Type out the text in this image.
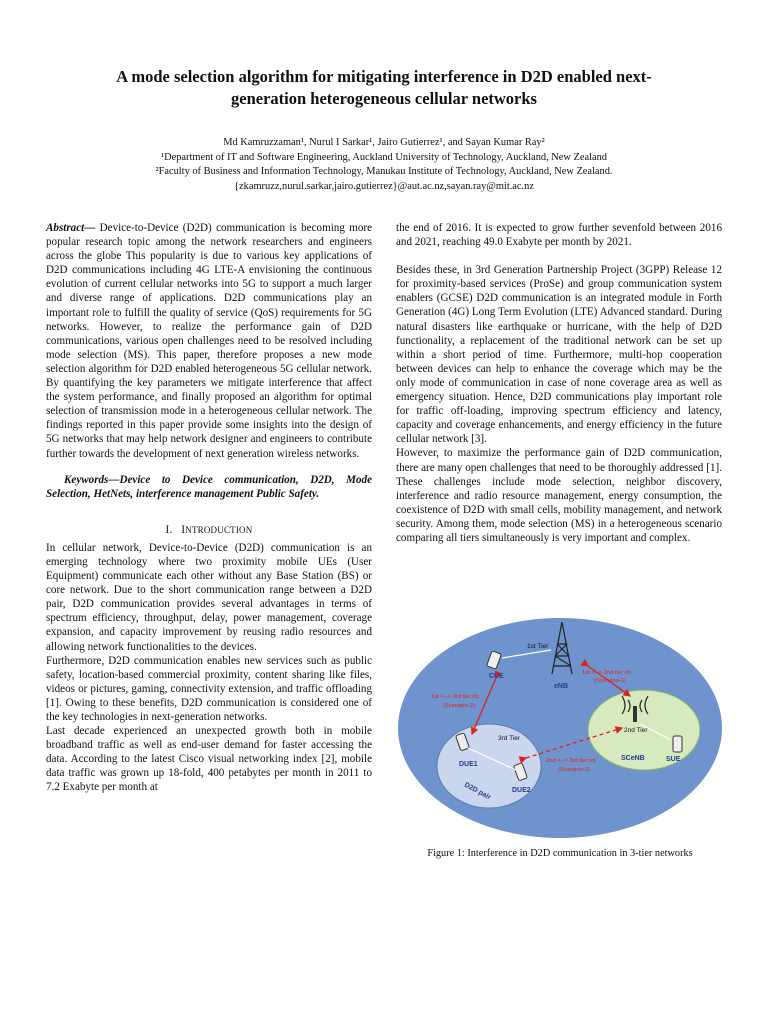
A mode selection algorithm for mitigating interference in D2D enabled next-
generation heterogeneous cellular networks
Md Kamruzzaman¹, Nurul I Sarkar¹, Jairo Gutierrez¹, and Sayan Kumar Ray²
¹Department of IT and Software Engineering, Auckland University of Technology, Auckland, New Zealand
²Faculty of Business and Information Technology, Manukau Institute of Technology, Auckland, New Zealand.
{zkamruzz,nurul.sarkar,jairo.gutierrez}@aut.ac.nz,sayan.ray@mit.ac.nz

Abstract— Device-to-Device (D2D) communication is becoming more popular research topic among the network researchers and engineers across the globe This popularity is due to various key applications of D2D communications including 4G LTE-A envisioning the continuous evolution of current cellular networks into 5G to support a much larger and diverse range of applications. D2D communications play an important role to fulfill the quality of service (QoS) requirements for 5G networks. However, to realize the performance gain of D2D communications, various open challenges need to be resolved including mode selection (MS). This paper, therefore proposes a new mode selection algorithm for D2D enabled heterogeneous 5G cellular network. By quantifying the key parameters we mitigate interference that affect the system performance, and finally proposed an algorithm for optimal selection of transmission mode in a heterogeneous cellular network. The findings reported in this paper provide some insights into the design of 5G networks that may help network designer and engineers to contribute further towards the development of next generation wireless networks.

Keywords—Device to Device communication, D2D, Mode Selection, HetNets, interference management Public Safety.

I. INTRODUCTION

In cellular network, Device-to-Device (D2D) communication is an emerging technology where two proximity mobile UEs (User Equipment) communicate each other without any Base Station (BS) or core network. Due to the short communication range between a D2D pair, D2D communication provides several advantages in terms of spectrum efficiency, throughput, delay, power management, coverage expansion, and capacity improvement by reusing radio resources and allowing network functionalities to the devices.

Furthermore, D2D communication enables new services such as public safety, location-based commercial proximity, content sharing like files, videos or pictures, gaming, connectivity extension, and traffic offloading [1]. Owing to these benefits, D2D communication is considered one of the key technologies in next-generation networks.

Last decade experienced an unexpected growth both in mobile broadband traffic as well as end-user demand for faster accessing the data. According to the latest Cisco visual networking index [2], mobile data traffic was grown up 18-fold, 400 petabytes per month in 2011 to 7.2 Exabyte per month at

the end of 2016. It is expected to grow further sevenfold between 2016 and 2021, reaching 49.0 Exabyte per month by 2021.

Besides these, in 3rd Generation Partnership Project (3GPP) Release 12 for proximity-based services (ProSe) and group communication system enablers (GCSE) D2D communication is an integrated module in Forth Generation (4G) Long Term Evolution (LTE) Advanced standard. During natural disasters like earthquake or hurricane, with the help of D2D functionality, a replacement of the traditional network can be set up within a short period of time. Furthermore, multi-hop cooperation between devices can help to enhance the coverage which may be the only mode of communication in case of none coverage area as well as emergency situation. Hence, D2D communications play important role for traffic off-loading, improving spectrum efficiency and latency, capacity and coverage enhancements, and energy efficiency in the future cellular network [3].

However, to maximize the performance gain of D2D communication, there are many open challenges that need to be thoroughly addressed [1]. These challenges include mode selection, neighbor discovery, interference and radio resource management, energy consumption, the coexistence of D2D with small cells, mobility management, and network security. Among them, mode selection (MS) in a heterogeneous scenario comparing all tiers simultaneously is very important and complex.

1st Tier
eNB
CUE	1st <--> 2nd tier int.
(Scenario-1)
1st <--> 3rd tier int.
(Scenario-2)
3rd Tier
2nd Tier
SCeNB	SUE
DUE1
DUE2
D2D pair
2nd <--> 3rd tier int.
(Scenario-3)
Figure 1: Interference in D2D communication in 3-tier networks
